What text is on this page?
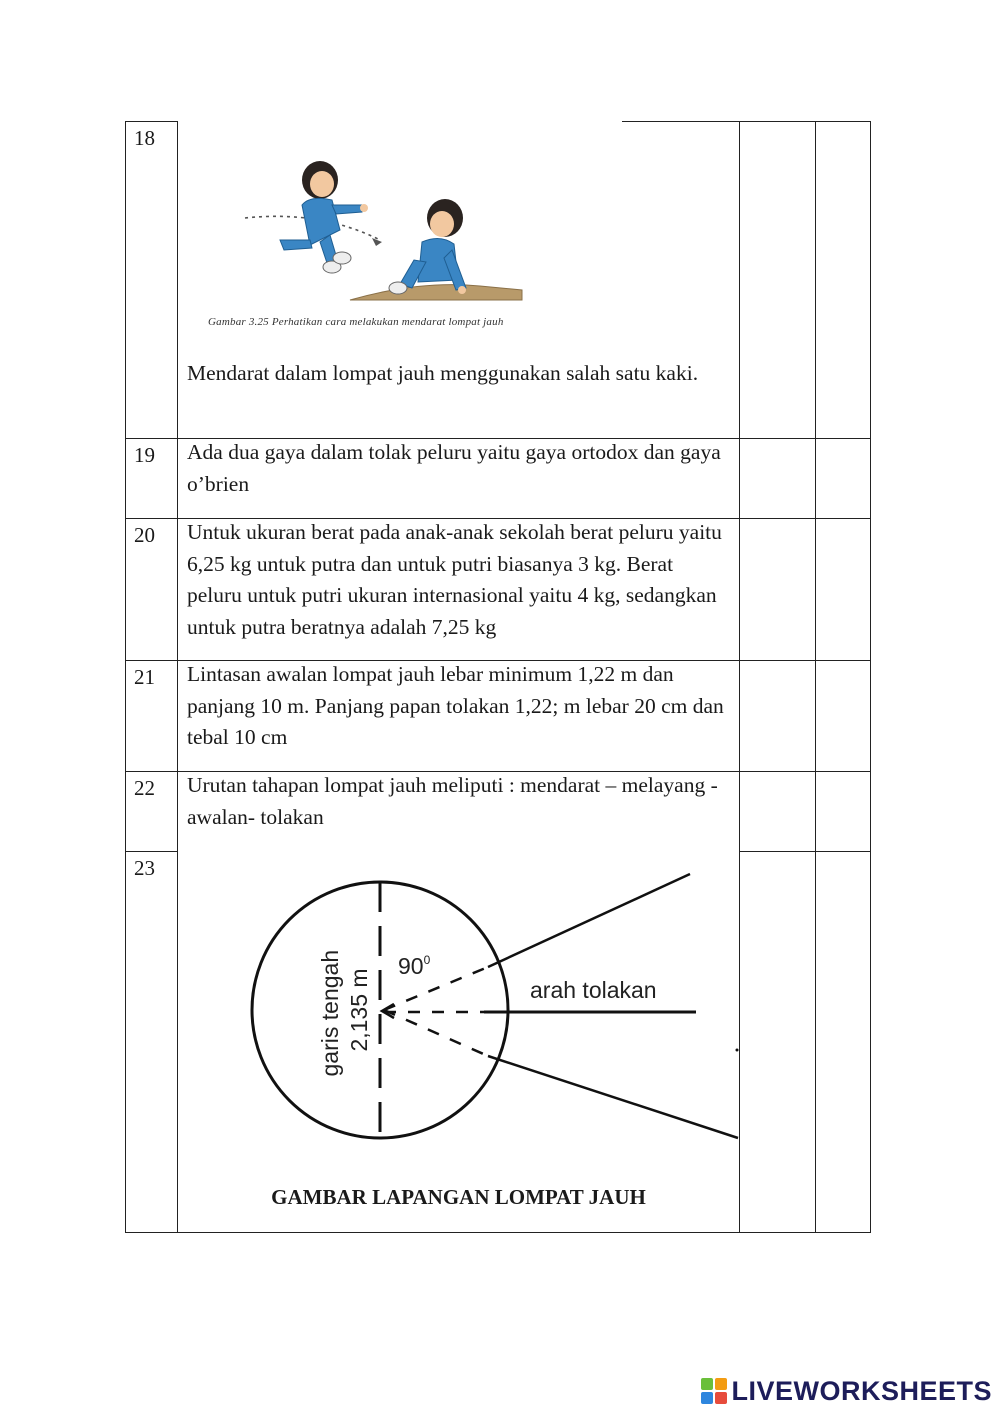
18
19
20
21
22
23
Gambar 3.25 Perhatikan cara melakukan mendarat lompat jauh
Mendarat dalam lompat jauh menggunakan salah satu kaki.
Ada dua gaya dalam tolak peluru yaitu gaya ortodox dan gaya o’brien
Untuk ukuran berat pada anak-anak sekolah berat peluru yaitu 6,25 kg untuk putra dan untuk putri biasanya 3 kg. Berat peluru untuk putri ukuran internasional yaitu 4 kg, sedangkan untuk putra beratnya adalah 7,25 kg
Lintasan awalan lompat jauh lebar minimum 1,22 m dan panjang 10 m. Panjang papan tolakan 1,22; m lebar 20 cm dan tebal 10 cm
Urutan tahapan lompat jauh meliputi : mendarat – melayang - awalan- tolakan
garis tengah 2,135 m
$90^0$
arah tolakan
GAMBAR LAPANGAN LOMPAT JAUH
LIVEWORKSHEETS
